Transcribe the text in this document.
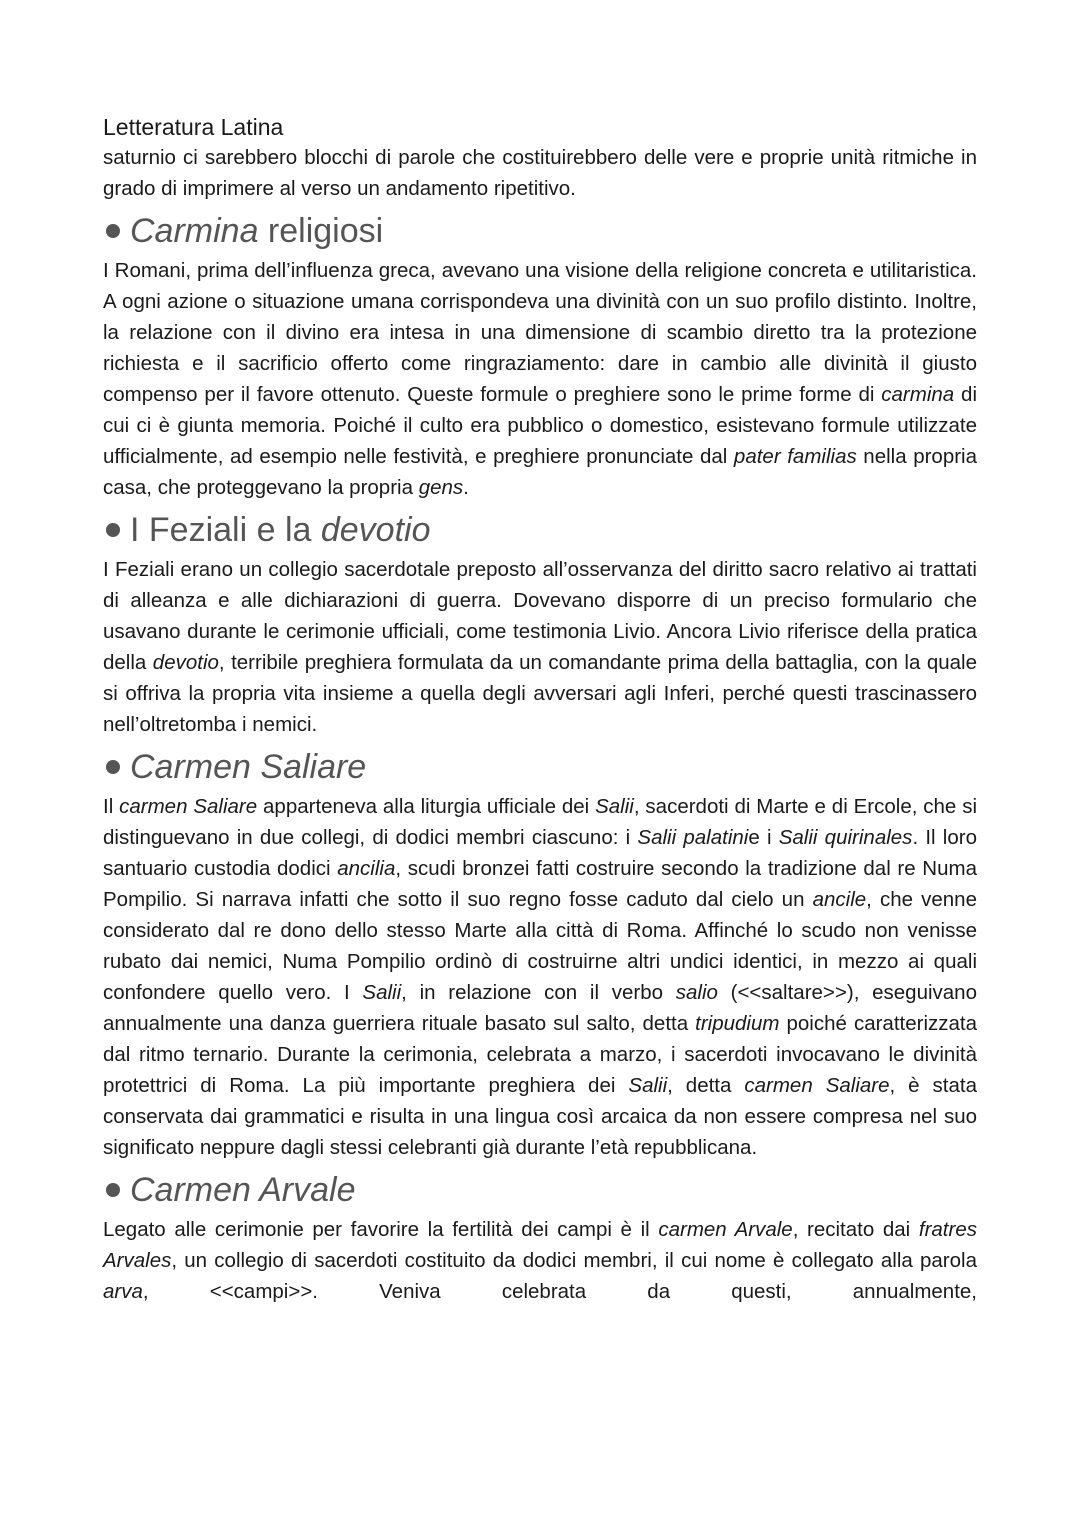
Letteratura Latina

saturnio ci sarebbero blocchi di parole che costituirebbero delle vere e proprie unità ritmiche in grado di imprimere al verso un andamento ripetitivo.

Carmina religiosi

I Romani, prima dell’influenza greca, avevano una visione della religione concreta e utilitaristica. A ogni azione o situazione umana corrispondeva una divinità con un suo profilo distinto. Inoltre, la relazione con il divino era intesa in una dimensione di scambio diretto tra la protezione richiesta e il sacrificio offerto come ringraziamento: dare in cambio alle divinità il giusto compenso per il favore ottenuto. Queste formule o preghiere sono le prime forme di carmina di cui ci è giunta memoria. Poiché il culto era pubblico o domestico, esistevano formule utilizzate ufficialmente, ad esempio nelle festività, e preghiere pronunciate dal pater familias nella propria casa, che proteggevano la propria gens.

I Feziali e la devotio

I Feziali erano un collegio sacerdotale preposto all’osservanza del diritto sacro relativo ai trattati di alleanza e alle dichiarazioni di guerra. Dovevano disporre di un preciso formulario che usavano durante le cerimonie ufficiali, come testimonia Livio. Ancora Livio riferisce della pratica della devotio, terribile preghiera formulata da un comandante prima della battaglia, con la quale si offriva la propria vita insieme a quella degli avversari agli Inferi, perché questi trascinassero nell’oltretomba i nemici.

Carmen Saliare

Il carmen Saliare apparteneva alla liturgia ufficiale dei Salii, sacerdoti di Marte e di Ercole, che si distinguevano in due collegi, di dodici membri ciascuno: i Salii palatinie i Salii quirinales. Il loro santuario custodia dodici ancilia, scudi bronzei fatti costruire secondo la tradizione dal re Numa Pompilio. Si narrava infatti che sotto il suo regno fosse caduto dal cielo un ancile, che venne considerato dal re dono dello stesso Marte alla città di Roma. Affinché lo scudo non venisse rubato dai nemici, Numa Pompilio ordinò di costruirne altri undici identici, in mezzo ai quali confondere quello vero. I Salii, in relazione con il verbo salio (<<saltare>>), eseguivano annualmente una danza guerriera rituale basato sul salto, detta tripudium poiché caratterizzata dal ritmo ternario. Durante la cerimonia, celebrata a marzo, i sacerdoti invocavano le divinità protettrici di Roma. La più importante preghiera dei Salii, detta carmen Saliare, è stata conservata dai grammatici e risulta in una lingua così arcaica da non essere compresa nel suo significato neppure dagli stessi celebranti già durante l’età repubblicana.

Carmen Arvale

Legato alle cerimonie per favorire la fertilità dei campi è il carmen Arvale, recitato dai fratres Arvales, un collegio di sacerdoti costituito da dodici membri, il cui nome è collegato alla parola arva, <<campi>>. Veniva celebrata da questi, annualmente,
